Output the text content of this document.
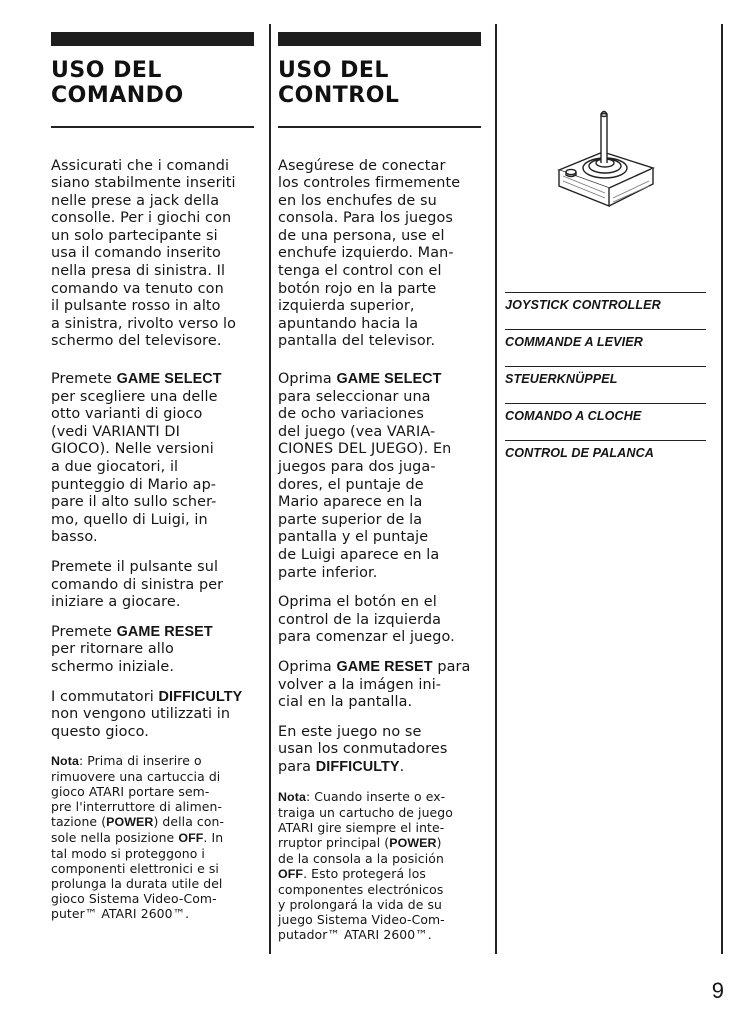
USO DEL
COMANDO

Assicurati che i comandi
siano stabilmente inseriti
nelle prese a jack della
consolle. Per i giochi con
un solo partecipante si
usa il comando inserito
nella presa di sinistra. Il
comando va tenuto con
il pulsante rosso in alto
a sinistra, rivolto verso lo
schermo del televisore.

Premete GAME SELECT
per scegliere una delle
otto varianti di gioco
(vedi VARIANTI DI
GIOCO). Nelle versioni
a due giocatori, il
punteggio di Mario ap-
pare il alto sullo scher-
mo, quello di Luigi, in
basso.

Premete il pulsante sul
comando di sinistra per
iniziare a giocare.

Premete GAME RESET
per ritornare allo
schermo iniziale.

I commutatori DIFFICULTY
non vengono utilizzati in
questo gioco.

Nota: Prima di inserire o
rimuovere una cartuccia di
gioco ATARI portare sem-
pre l'interruttore di alimen-
tazione (POWER) della con-
sole nella posizione OFF. In
tal modo si proteggono i
componenti elettronici e si
prolunga la durata utile del
gioco Sistema Video-Com-
puter™ ATARI 2600™.

USO DEL
CONTROL

Asegúrese de conectar
los controles firmemente
en los enchufes de su
consola. Para los juegos
de una persona, use el
enchufe izquierdo. Man-
tenga el control con el
botón rojo en la parte
izquierda superior,
apuntando hacia la
pantalla del televisor.

Oprima GAME SELECT
para seleccionar una
de ocho variaciones
del juego (vea VARIA-
CIONES DEL JUEGO). En
juegos para dos juga-
dores, el puntaje de
Mario aparece en la
parte superior de la
pantalla y el puntaje
de Luigi aparece en la
parte inferior.

Oprima el botón en el
control de la izquierda
para comenzar el juego.

Oprima GAME RESET para
volver a la imágen ini-
cial en la pantalla.

En este juego no se
usan los conmutadores
para DIFFICULTY.

Nota: Cuando inserte o ex-
traiga un cartucho de juego
ATARI gire siempre el inte-
rruptor principal (POWER)
de la consola a la posición
OFF. Esto protegerá los
componentes electrónicos
y prolongará la vida de su
juego Sistema Video-Com-
putador™ ATARI 2600™.

JOYSTICK CONTROLLER
COMMANDE A LEVIER
STEUERKNÜPPEL
COMANDO A CLOCHE
CONTROL DE PALANCA
9
